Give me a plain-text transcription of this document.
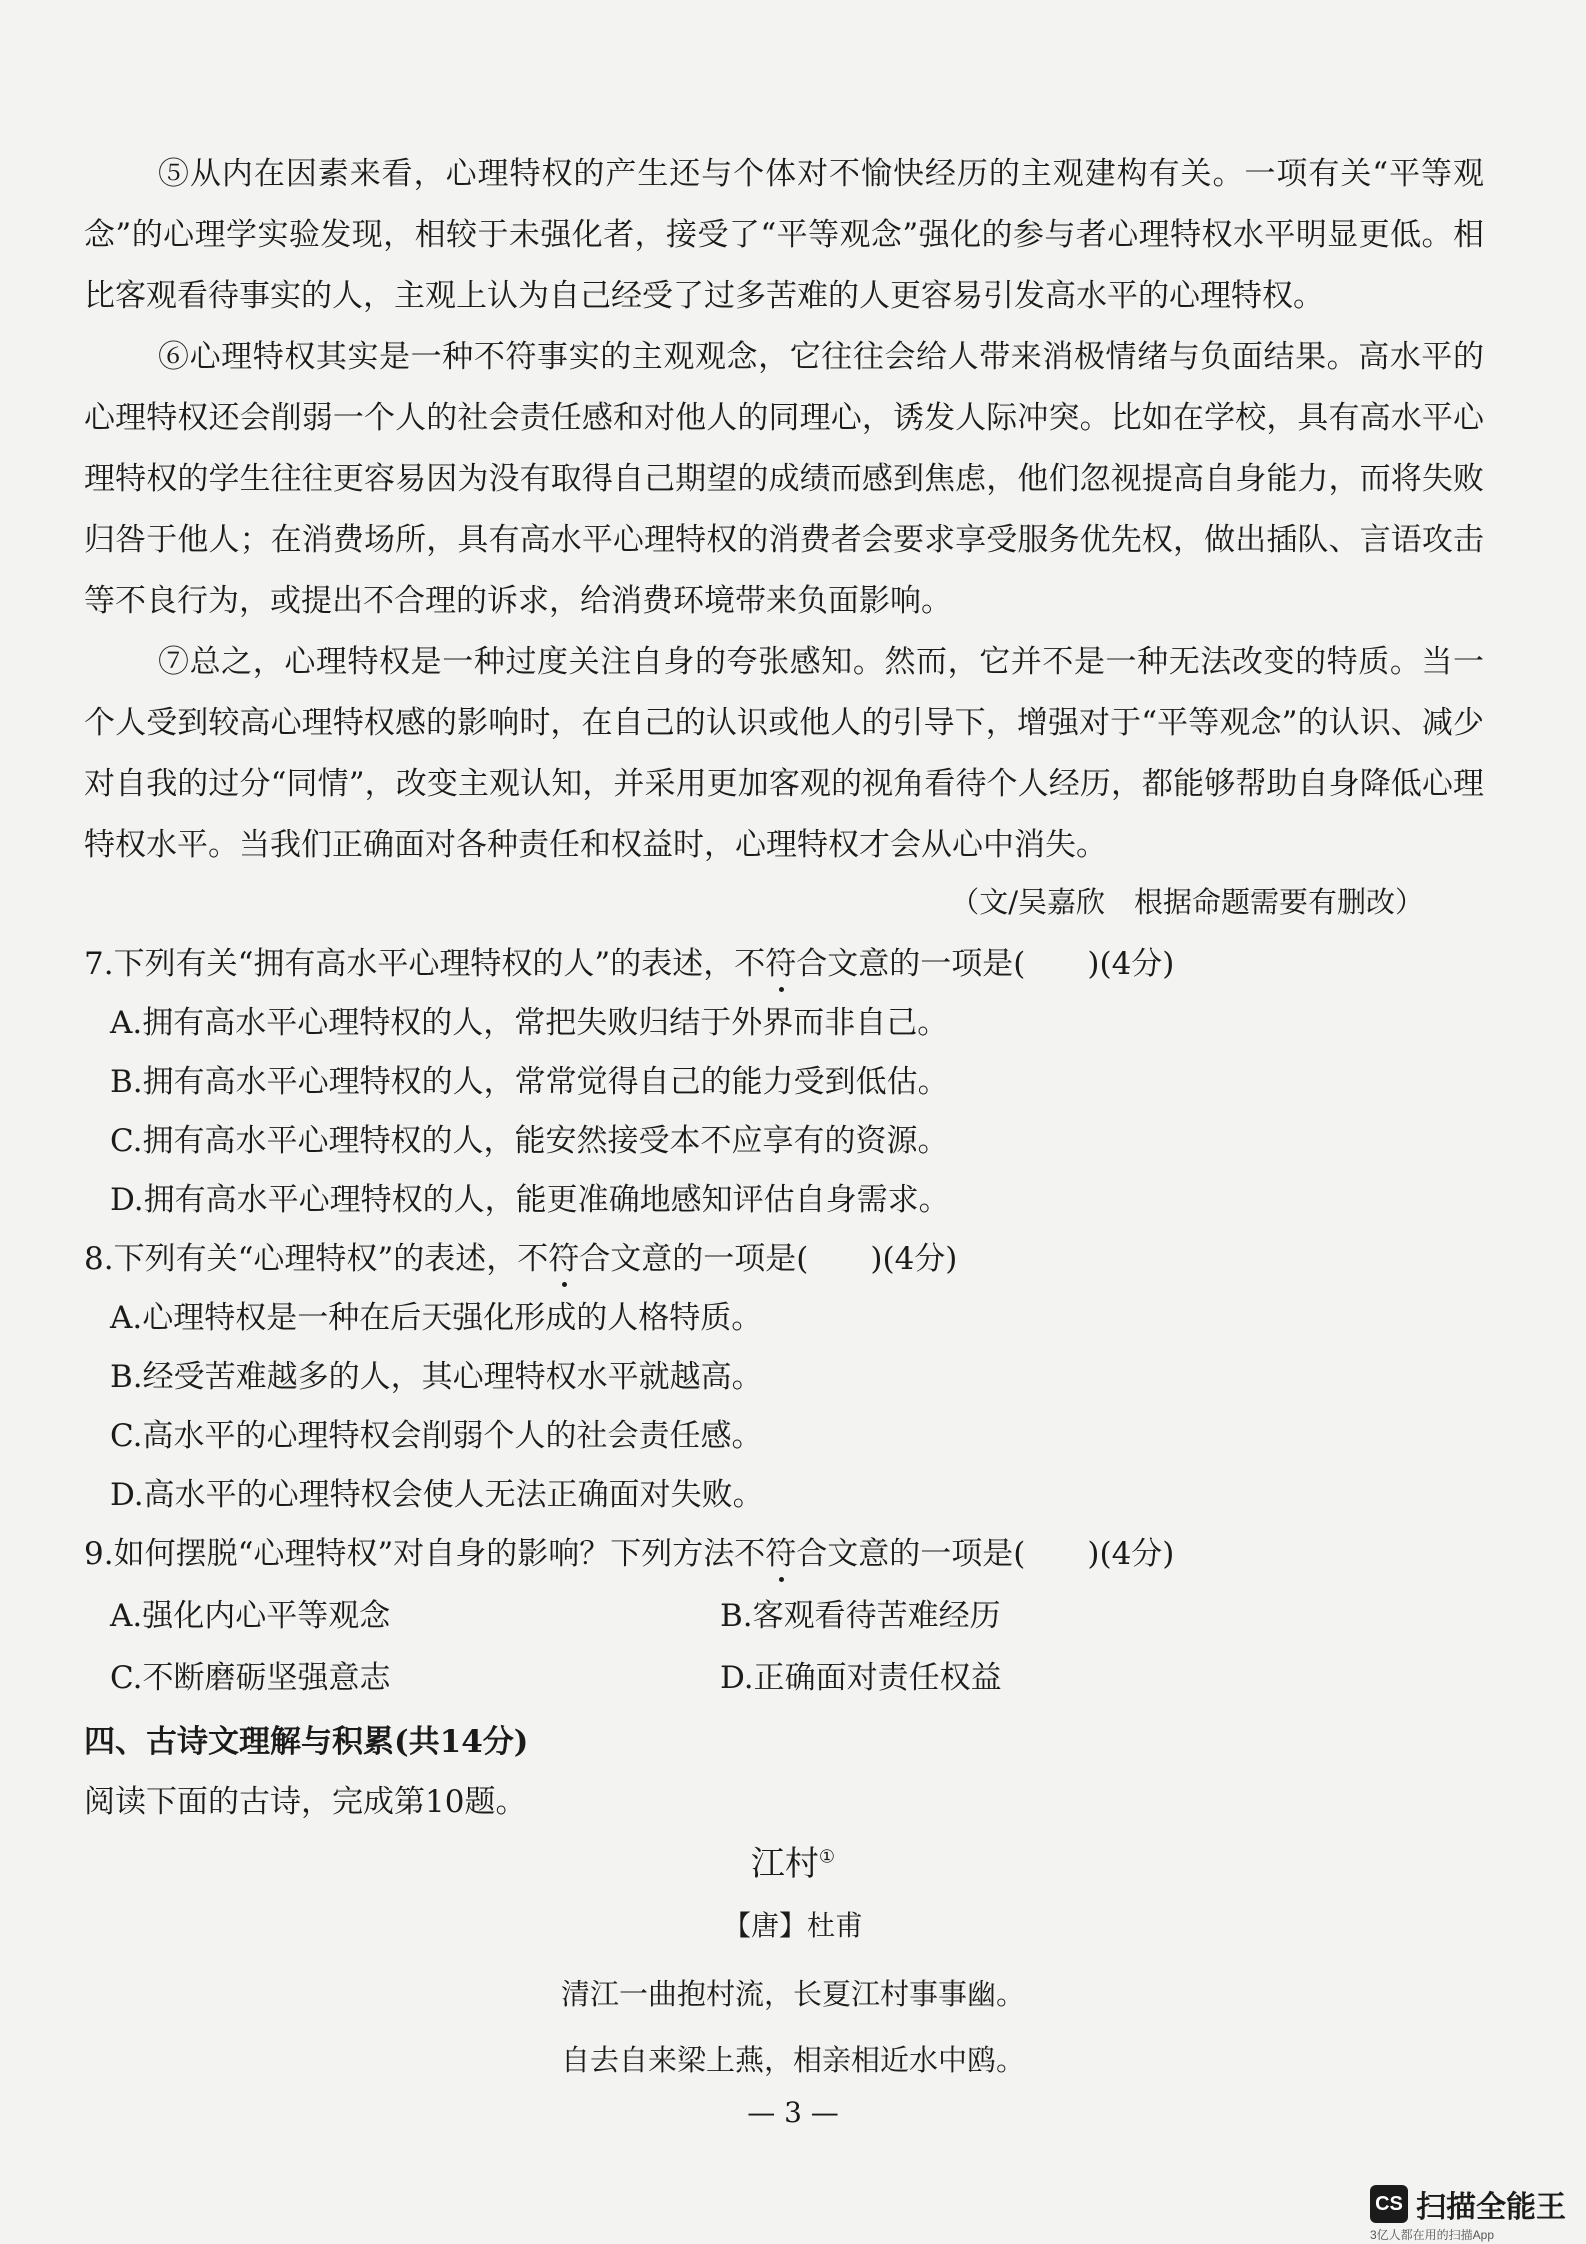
⑤从内在因素来看，心理特权的产生还与个体对不愉快经历的主观建构有关。一项有关“平等观念”的心理学实验发现，相较于未强化者，接受了“平等观念”强化的参与者心理特权水平明显更低。相比客观看待事实的人，主观上认为自己经受了过多苦难的人更容易引发高水平的心理特权。
⑥心理特权其实是一种不符事实的主观观念，它往往会给人带来消极情绪与负面结果。高水平的心理特权还会削弱一个人的社会责任感和对他人的同理心，诱发人际冲突。比如在学校，具有高水平心理特权的学生往往更容易因为没有取得自己期望的成绩而感到焦虑，他们忽视提高自身能力，而将失败归咎于他人；在消费场所，具有高水平心理特权的消费者会要求享受服务优先权，做出插队、言语攻击等不良行为，或提出不合理的诉求，给消费环境带来负面影响。
⑦总之，心理特权是一种过度关注自身的夸张感知。然而，它并不是一种无法改变的特质。当一个人受到较高心理特权感的影响时，在自己的认识或他人的引导下，增强对于“平等观念”的认识、减少对自我的过分“同情”，改变主观认知，并采用更加客观的视角看待个人经历，都能够帮助自身降低心理特权水平。当我们正确面对各种责任和权益时，心理特权才会从心中消失。
（文/吴嘉欣　根据命题需要有删改）
7.下列有关“拥有高水平心理特权的人”的表述，不符合文意的一项是(　　)(4分)
A.拥有高水平心理特权的人，常把失败归结于外界而非自己。
B.拥有高水平心理特权的人，常常觉得自己的能力受到低估。
C.拥有高水平心理特权的人，能安然接受本不应享有的资源。
D.拥有高水平心理特权的人，能更准确地感知评估自身需求。
8.下列有关“心理特权”的表述，不符合文意的一项是(　　)(4分)
A.心理特权是一种在后天强化形成的人格特质。
B.经受苦难越多的人，其心理特权水平就越高。
C.高水平的心理特权会削弱个人的社会责任感。
D.高水平的心理特权会使人无法正确面对失败。
9.如何摆脱“心理特权”对自身的影响？下列方法不符合文意的一项是(　　)(4分)
A.强化内心平等观念	B.客观看待苦难经历
C.不断磨砺坚强意志	D.正确面对责任权益
四、古诗文理解与积累(共14分)
阅读下面的古诗，完成第10题。
江村①
【唐】杜甫
清江一曲抱村流，长夏江村事事幽。
自去自来梁上燕，相亲相近水中鸥。
— 3 —
CS 扫描全能王
3亿人都在用的扫描App
